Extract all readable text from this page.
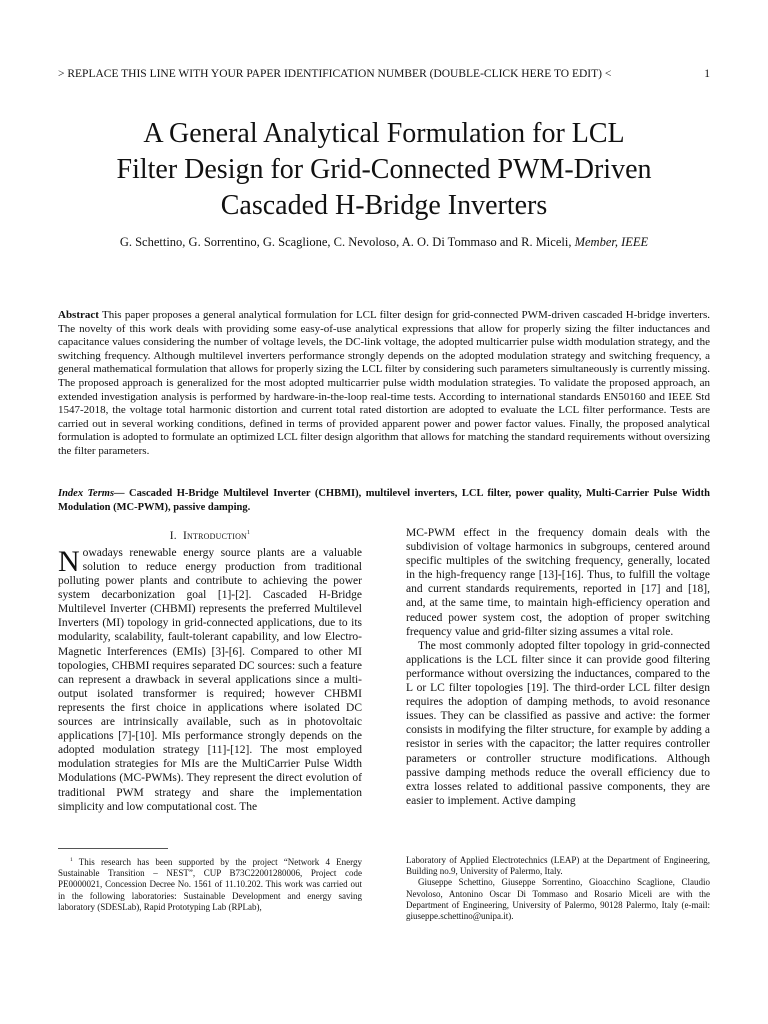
> REPLACE THIS LINE WITH YOUR PAPER IDENTIFICATION NUMBER (DOUBLE-CLICK HERE TO EDIT) <	1
A General Analytical Formulation for LCL
Filter Design for Grid-Connected PWM-Driven
Cascaded H-Bridge Inverters
G. Schettino, G. Sorrentino, G. Scaglione, C. Nevoloso, A. O. Di Tommaso and R. Miceli, Member, IEEE
Abstract This paper proposes a general analytical formulation for LCL filter design for grid-connected PWM-driven cascaded H-bridge inverters. The novelty of this work deals with providing some easy-of-use analytical expressions that allow for properly sizing the filter inductances and capacitance values considering the number of voltage levels, the DC-link voltage, the adopted multicarrier pulse width modulation strategy, and the switching frequency. Although multilevel inverters performance strongly depends on the adopted modulation strategy and switching frequency, a general mathematical formulation that allows for properly sizing the LCL filter by considering such parameters simultaneously is currently missing. The proposed approach is generalized for the most adopted multicarrier pulse width modulation strategies. To validate the proposed approach, an extended investigation analysis is performed by hardware-in-the-loop real-time tests. According to international standards EN50160 and IEEE Std 1547-2018, the voltage total harmonic distortion and current total rated distortion are adopted to evaluate the LCL filter performance. Tests are carried out in several working conditions, defined in terms of provided apparent power and power factor values. Finally, the proposed analytical formulation is adopted to formulate an optimized LCL filter design algorithm that allows for matching the standard requirements without oversizing the filter parameters.
Index Terms— Cascaded H-Bridge Multilevel Inverter (CHBMI), multilevel inverters, LCL filter, power quality, Multi-Carrier Pulse Width Modulation (MC-PWM), passive damping.
I. Introduction$^1$

Nowadays renewable energy source plants are a valuable solution to reduce energy production from traditional polluting power plants and contribute to achieving the power system decarbonization goal [1]-[2]. Cascaded H-Bridge Multilevel Inverter (CHBMI) represents the preferred Multilevel Inverters (MI) topology in grid-connected applications, due to its modularity, scalability, fault-tolerant capability, and low Electro-Magnetic Interferences (EMIs) [3]-[6]. Compared to other MI topologies, CHBMI requires separated DC sources: such a feature can represent a drawback in several applications since a multi-output isolated transformer is required; however CHBMI represents the first choice in applications where isolated DC sources are intrinsically available, such as in photovoltaic applications [7]-[10]. MIs performance strongly depends on the adopted modulation strategy [11]-[12]. The most employed modulation strategies for MIs are the MultiCarrier Pulse Width Modulations (MC-PWMs). They represent the direct evolution of traditional PWM strategy and share the implementation simplicity and low computational cost. The

MC-PWM effect in the frequency domain deals with the subdivision of voltage harmonics in subgroups, centered around specific multiples of the switching frequency, generally, located in the high-frequency range [13]-[16]. Thus, to fulfill the voltage and current standards requirements, reported in [17] and [18], and, at the same time, to maintain high-efficiency operation and reduced power system cost, the adoption of proper switching frequency value and grid-filter sizing assumes a vital role.

The most commonly adopted filter topology in grid-connected applications is the LCL filter since it can provide good filtering performance without oversizing the inductances, compared to the L or LC filter topologies [19]. The third-order LCL filter design requires the adoption of damping methods, to avoid resonance issues. They can be classified as passive and active: the former consists in modifying the filter structure, for example by adding a resistor in series with the capacitor; the latter requires controller parameters or controller structure modifications. Although passive damping methods reduce the overall efficiency due to extra losses related to additional passive components, they are easier to implement. Active damping

$^1$ This research has been supported by the project “Network 4 Energy Sustainable Transition – NEST”, CUP B73C22001280006, Project code PE0000021, Concession Decree No. 1561 of 11.10.202. This work was carried out in the following laboratories: Sustainable Development and energy saving laboratory (SDESLab), Rapid Prototyping Lab (RPLab),

Laboratory of Applied Electrotechnics (LEAP) at the Department of Engineering, Building no.9, University of Palermo, Italy.

Giuseppe Schettino, Giuseppe Sorrentino, Gioacchino Scaglione, Claudio Nevoloso, Antonino Oscar Di Tommaso and Rosario Miceli are with the Department of Engineering, University of Palermo, 90128 Palermo, Italy (e-mail: giuseppe.schettino@unipa.it).
